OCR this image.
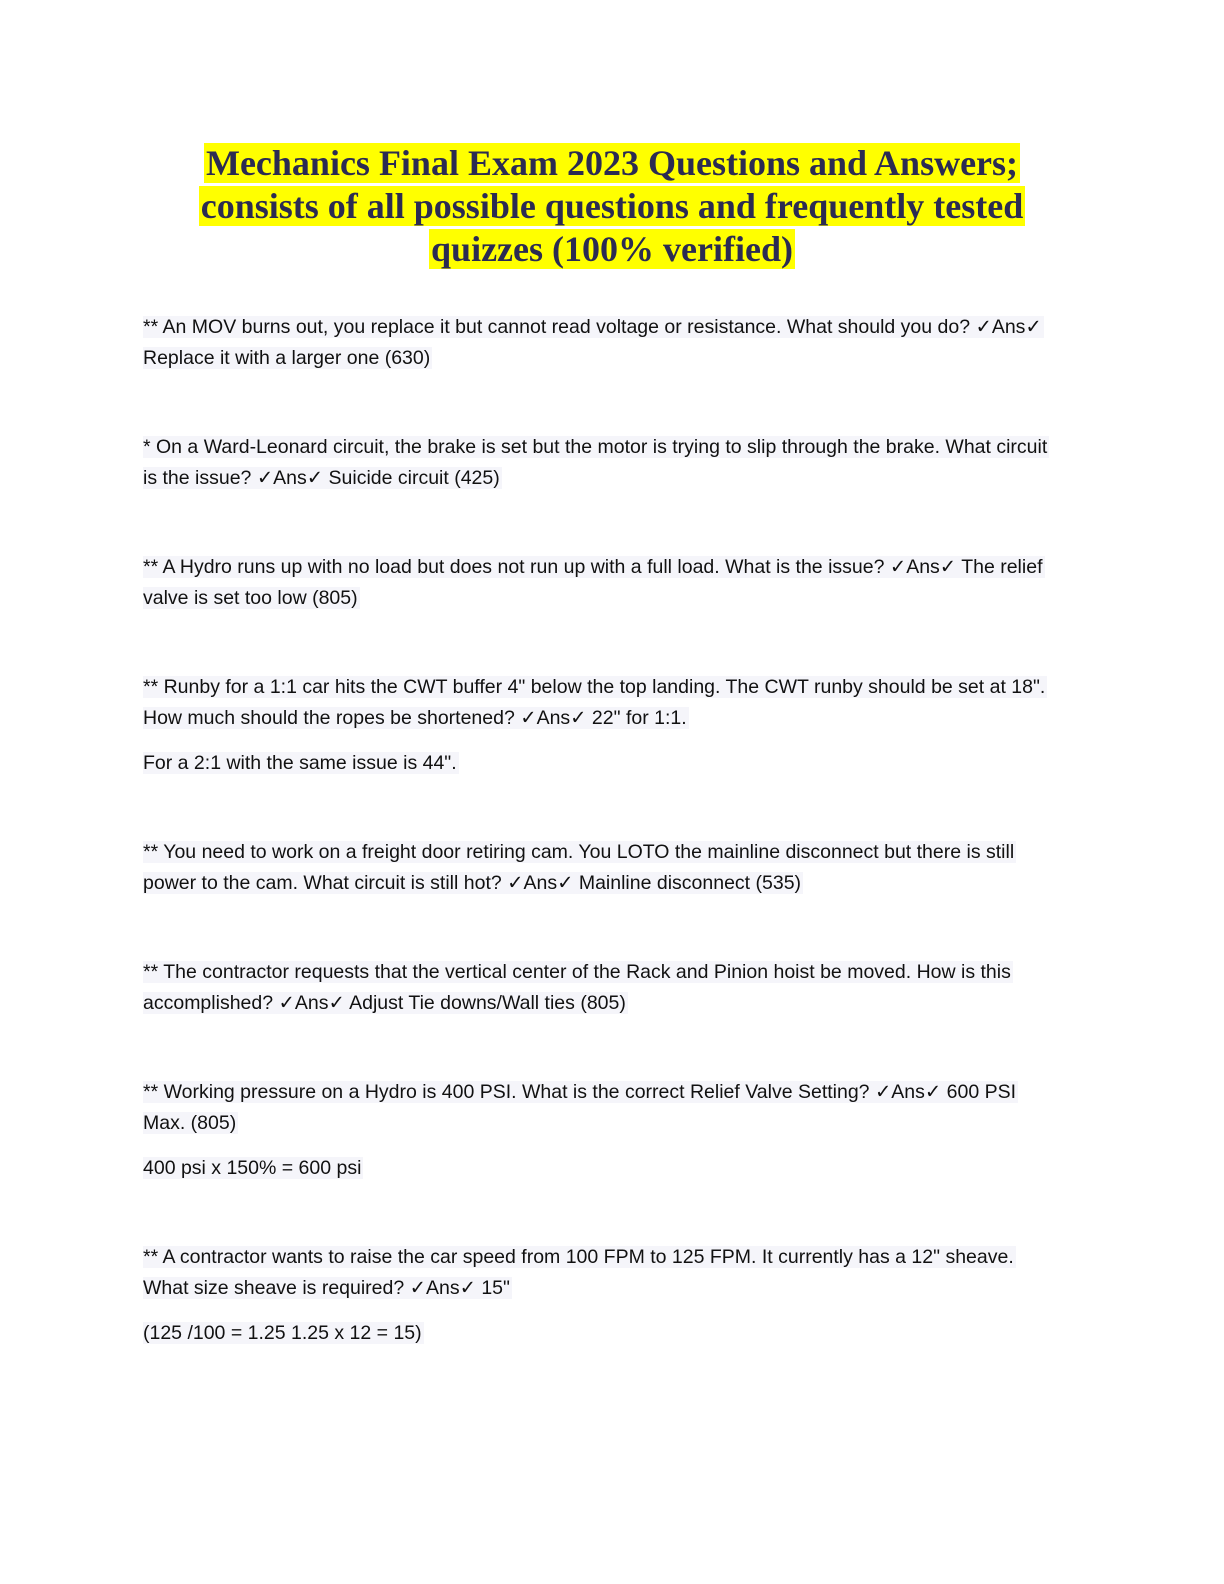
Mechanics Final Exam 2023 Questions and Answers;
consists of all possible questions and frequently tested
quizzes (100% verified)
** An MOV burns out, you replace it but cannot read voltage or resistance. What should you do? ✓Ans✓ Replace it with a larger one (630)
* On a Ward-Leonard circuit, the brake is set but the motor is trying to slip through the brake. What circuit is the issue? ✓Ans✓ Suicide circuit (425)
** A Hydro runs up with no load but does not run up with a full load. What is the issue? ✓Ans✓ The relief valve is set too low (805)
** Runby for a 1:1 car hits the CWT buffer 4" below the top landing. The CWT runby should be set at 18". How much should the ropes be shortened? ✓Ans✓ 22" for 1:1.

For a 2:1 with the same issue is 44".

** You need to work on a freight door retiring cam. You LOTO the mainline disconnect but there is still power to the cam. What circuit is still hot? ✓Ans✓ Mainline disconnect (535)
** The contractor requests that the vertical center of the Rack and Pinion hoist be moved. How is this accomplished? ✓Ans✓ Adjust Tie downs/Wall ties (805)
** Working pressure on a Hydro is 400 PSI. What is the correct Relief Valve Setting? ✓Ans✓ 600 PSI Max. (805)

400 psi x 150% = 600 psi

** A contractor wants to raise the car speed from 100 FPM to 125 FPM. It currently has a 12" sheave. What size sheave is required? ✓Ans✓ 15"

(125 /100 = 1.25 1.25 x 12 = 15)
